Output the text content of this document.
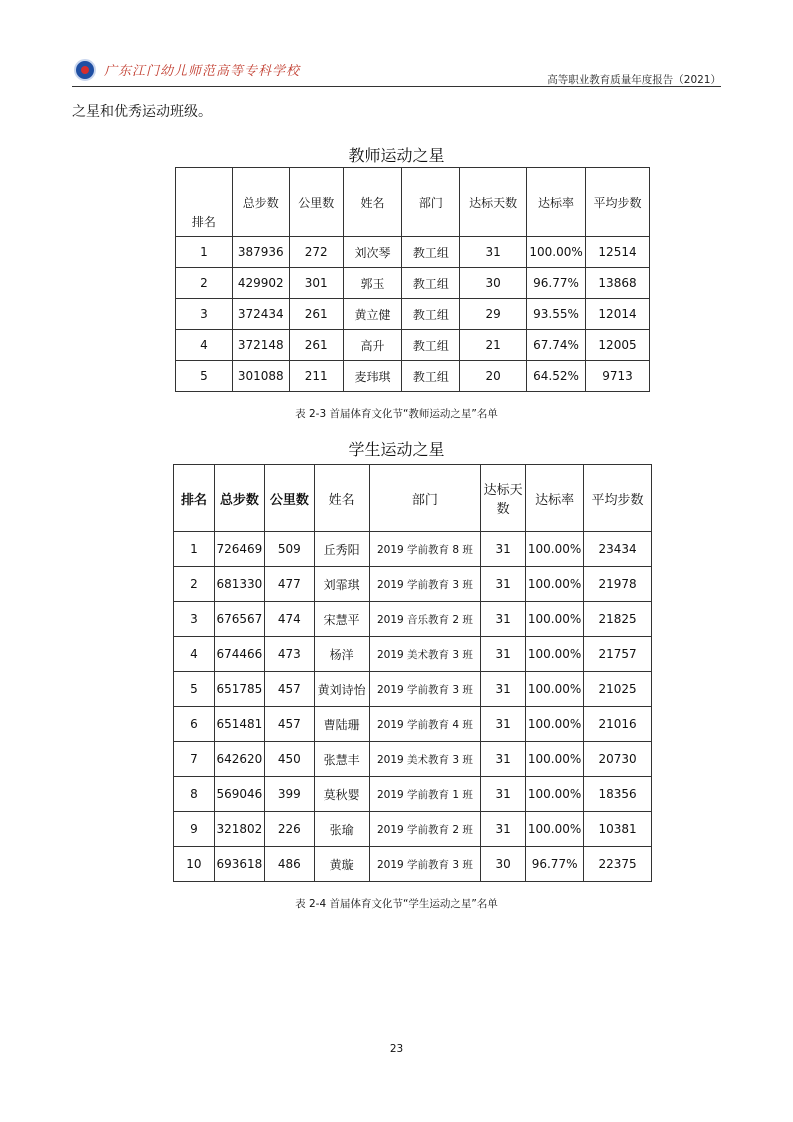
广东江门幼儿师范高等专科学校
高等职业教育质量年度报告（2021）
之星和优秀运动班级。
教师运动之星
排名	总步数	公里数	姓名	部门	达标天数	达标率	平均步数
1	387936	272	刘次琴	教工组	31	100.00%	12514
2	429902	301	郭玉	教工组	30	96.77%	13868
3	372434	261	黄立健	教工组	29	93.55%	12014
4	372148	261	高升	教工组	21	67.74%	12005
5	301088	211	麦玮琪	教工组	20	64.52%	9713
表 2-3 首届体育文化节“教师运动之星”名单
学生运动之星
排名	总步数	公里数	姓名	部门	达标天数	达标率	平均步数
1	726469	509	丘秀阳	2019 学前教育 8 班	31	100.00%	23434
2	681330	477	刘霏琪	2019 学前教育 3 班	31	100.00%	21978
3	676567	474	宋慧平	2019 音乐教育 2 班	31	100.00%	21825
4	674466	473	杨洋	2019 美术教育 3 班	31	100.00%	21757
5	651785	457	黄刘诗怡	2019 学前教育 3 班	31	100.00%	21025
6	651481	457	曹陆珊	2019 学前教育 4 班	31	100.00%	21016
7	642620	450	张慧丰	2019 美术教育 3 班	31	100.00%	20730
8	569046	399	莫秋婴	2019 学前教育 1 班	31	100.00%	18356
9	321802	226	张瑜	2019 学前教育 2 班	31	100.00%	10381
10	693618	486	黄璇	2019 学前教育 3 班	30	96.77%	22375
表 2-4 首届体育文化节“学生运动之星”名单
23
